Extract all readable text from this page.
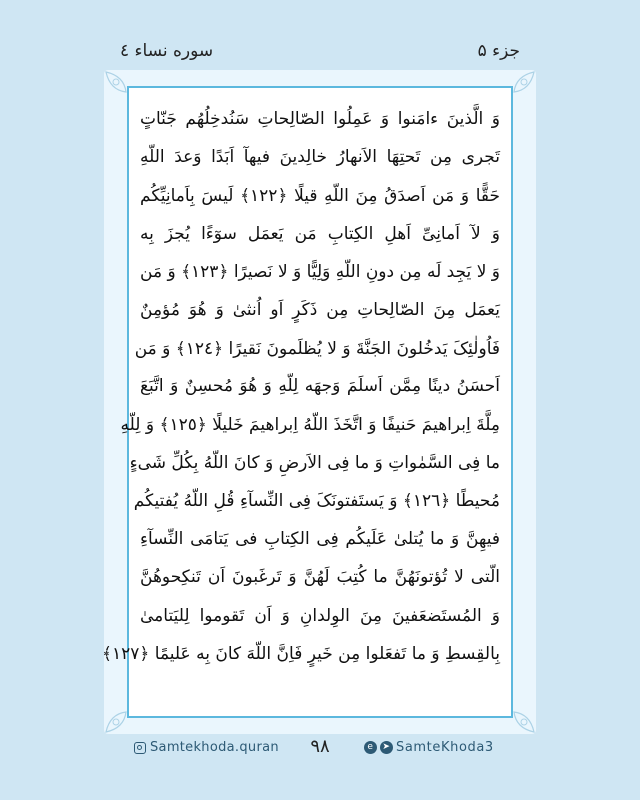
جزء ۵
سوره نساء ٤
وَ الَّذینَ ءامَنوا وَ عَمِلُوا الصّالِحاتِ سَنُدخِلُهُم جَنّاتٍ
تَجری مِن تَحتِهَا الاَنهارُ خالِدینَ فیهآ اَبَدًا وَعدَ اللّهِ
حَقًّا وَ مَن اَصدَقُ مِنَ اللّهِ قیلًا ﴿١٢٢﴾ لَیسَ بِاَمانِیِّکُم
وَ لآ اَمانِیِّ اَهلِ الکِتابِ مَن یَعمَل سوٓءًا یُجزَ بِه
وَ لا یَجِد لَه مِن دونِ اللّهِ وَلِیًّا وَ لا نَصیرًا ﴿١٢٣﴾ وَ مَن
یَعمَل مِنَ الصّالِحاتِ مِن ذَکَرٍ اَو اُنثىٰ وَ هُوَ مُؤمِنٌ
فَاُولٰئِکَ یَدخُلونَ الجَنَّةَ وَ لا یُظلَمونَ نَقیرًا ﴿١٢٤﴾ وَ مَن
اَحسَنُ دینًا مِمَّن اَسلَمَ وَجهَه لِلّهِ وَ هُوَ مُحسِنٌ وَ اتَّبَعَ
مِلَّةَ اِبراهیمَ حَنیفًا وَ اتَّخَذَ اللّهُ اِبراهیمَ خَلیلًا ﴿١٢٥﴾ وَ لِلّهِ
ما فِی السَّمٰواتِ وَ ما فِی الاَرضِ وَ کانَ اللّهُ بِکُلِّ شَیءٍ
مُحیطًا ﴿١٢٦﴾ وَ یَستَفتونَکَ فِی النِّسآءِ قُلِ اللّهُ یُفتیکُم
فیهِنَّ وَ ما یُتلىٰ عَلَیکُم فِی الکِتابِ فی یَتامَی النِّسآءِ
الّتی لا تُؤتونَهُنَّ ما کُتِبَ لَهُنَّ وَ تَرغَبونَ اَن تَنکِحوهُنَّ
وَ المُستَضعَفینَ مِنَ الوِلدانِ وَ اَن تَقوموا لِلیَتامىٰ
بِالقِسطِ وَ ما تَفعَلوا مِن خَیرٍ فَاِنَّ اللّهَ کانَ بِه عَلیمًا ﴿١٢٧﴾
Samtekhoda.quran	۹۸	e ➤ SamteKhoda3
